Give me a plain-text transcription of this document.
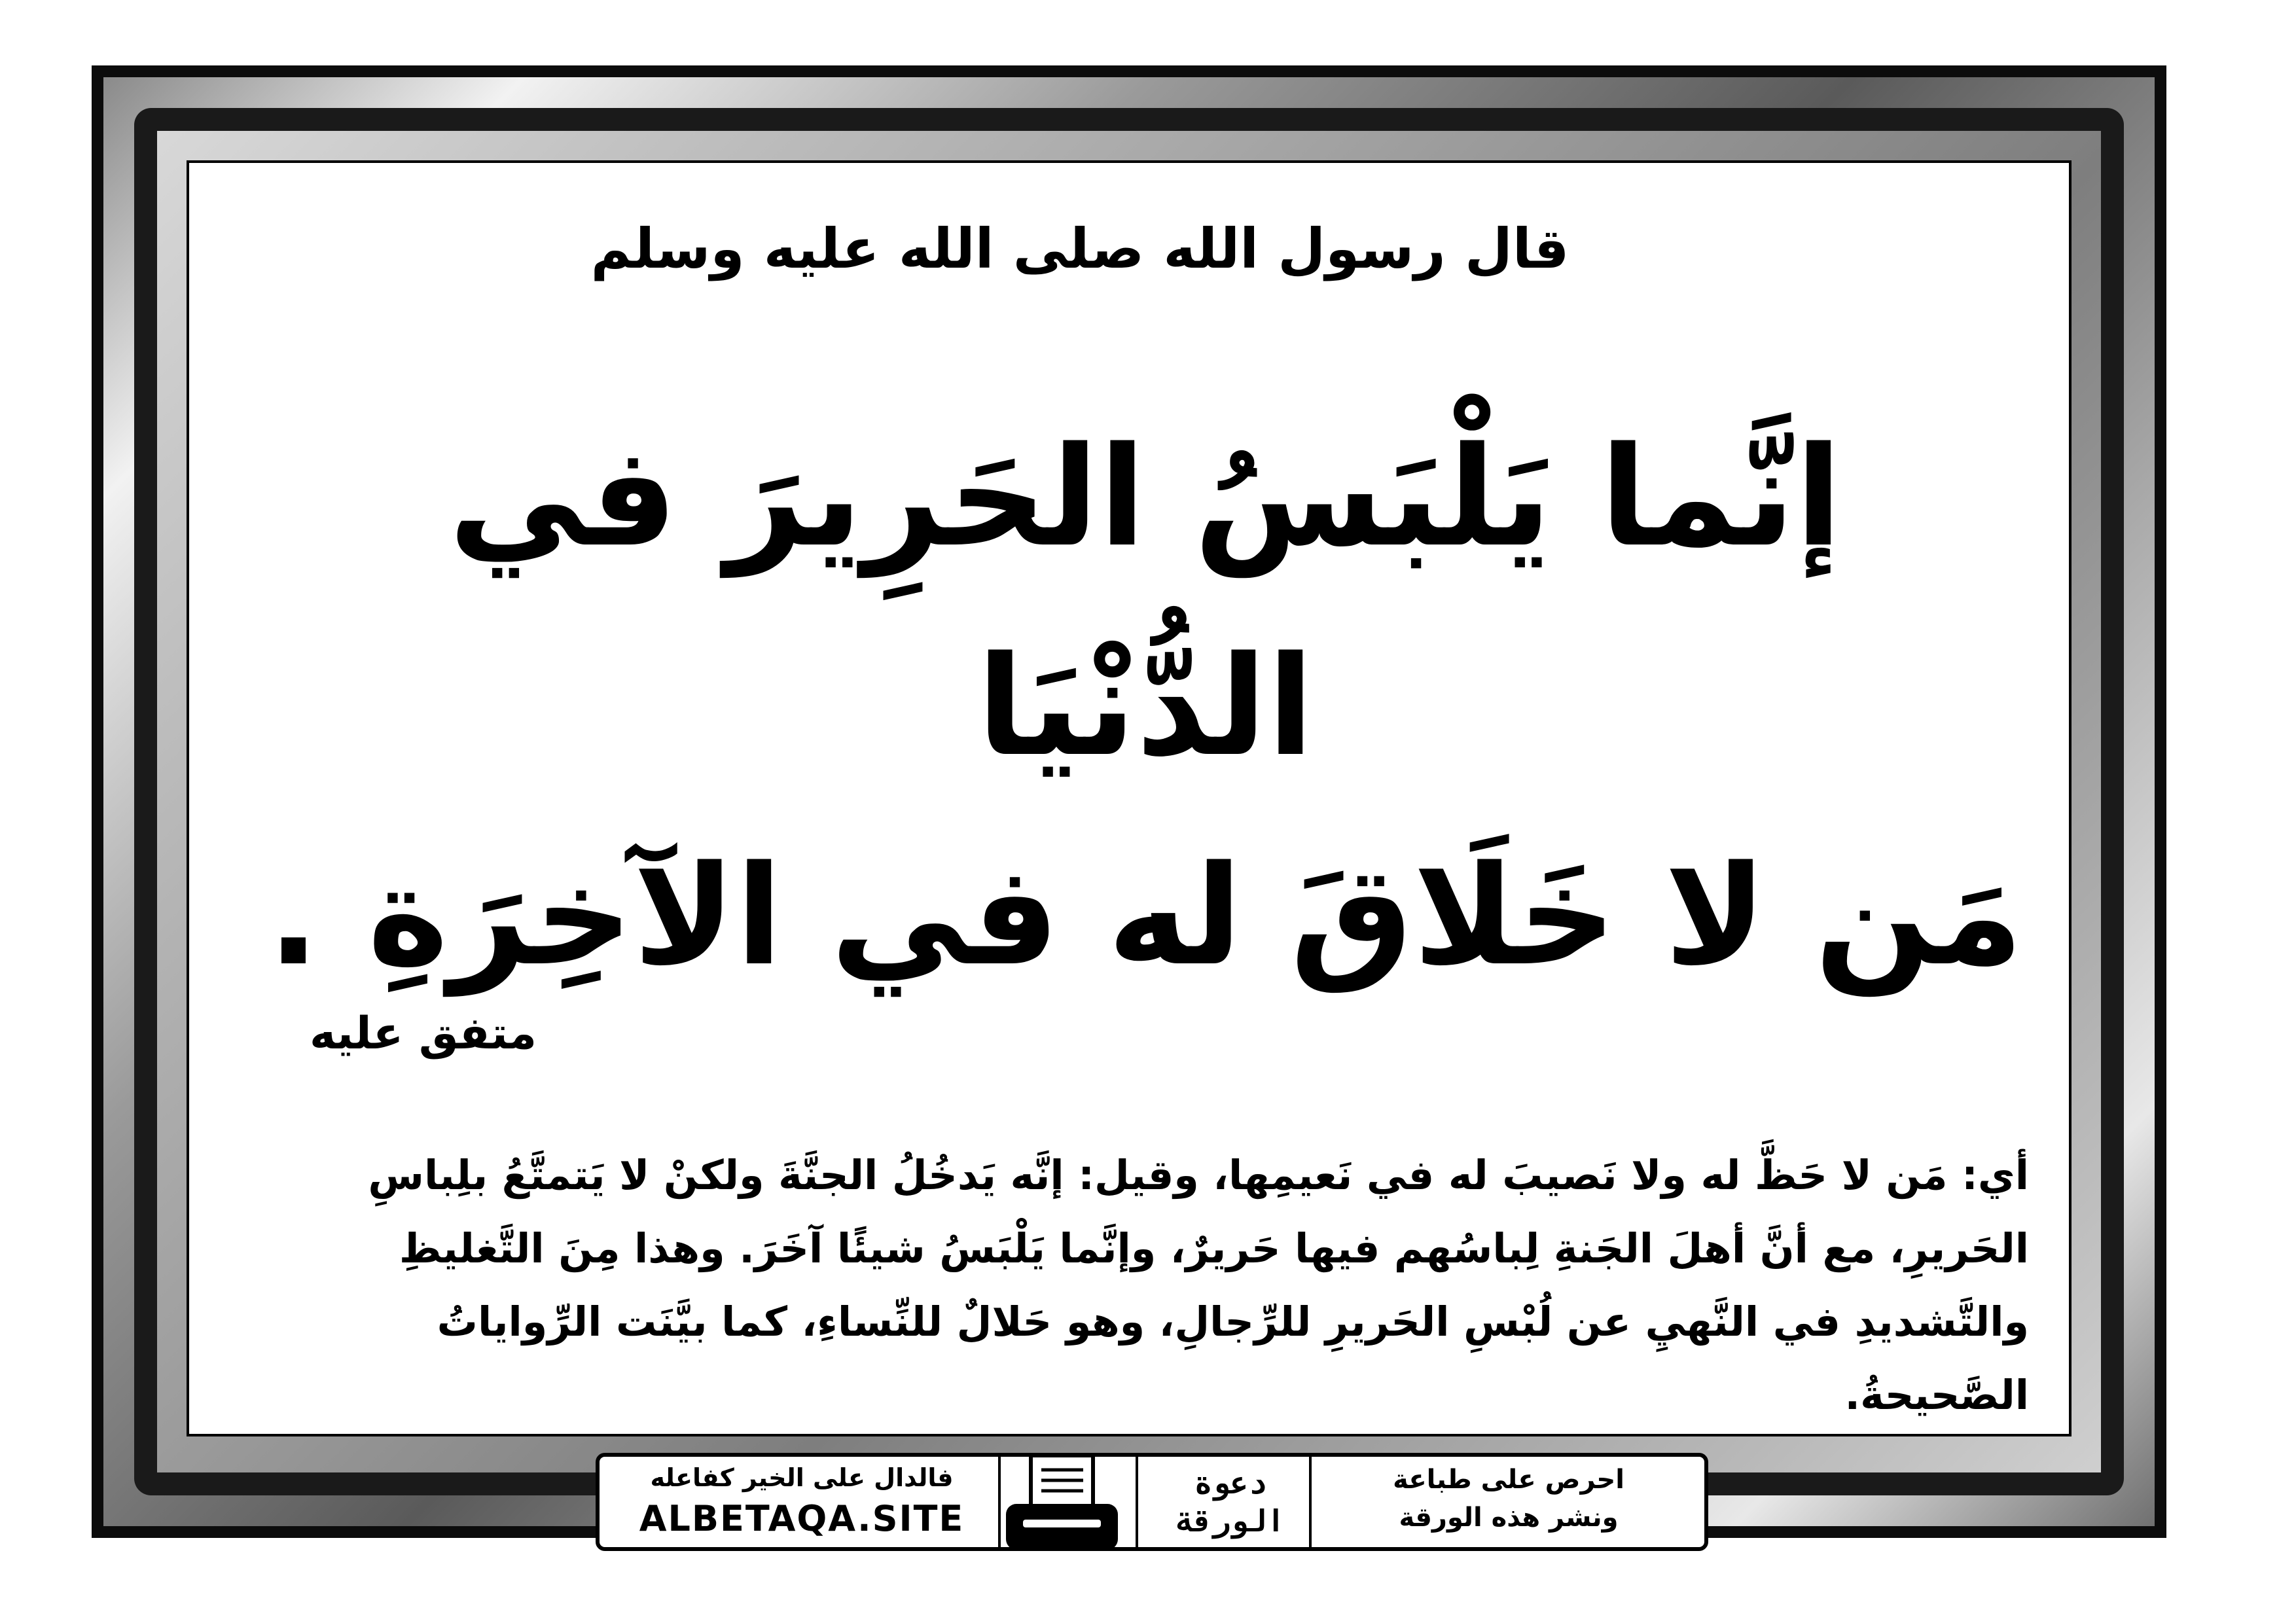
قال رسول الله صلى الله عليه وسلم
إنَّما يَلْبَسُ الحَرِيرَ في الدُّنْيَا
مَن لا خَلَاقَ له في الآخِرَةِ .
متفق عليه
أي: مَن لا حَظَّ له ولا نَصيبَ له في نَعيمِها، وقيل: إنَّه يَدخُلُ الجنَّةَ ولكنْ لا يَتمتَّعُ بلِباسِ الحَريرِ، مع أنَّ أهلَ الجَنةِ لِباسُهم فيها حَريرٌ، وإنَّما يَلْبَسُ شيئًا آخَرَ. وهذا مِنَ التَّغليظِ والتَّشديدِ في النَّهيِ عن لُبْسِ الحَريرِ للرِّجالِ، وهو حَلالٌ للنِّساءِ، كما بيَّنَت الرِّواياتُ الصَّحيحةُ.
فالدال على الخير كفاعله
ALBETAQA.SITE
دعوة
الورقة
احرص على طباعة
ونشر هذه الورقة
